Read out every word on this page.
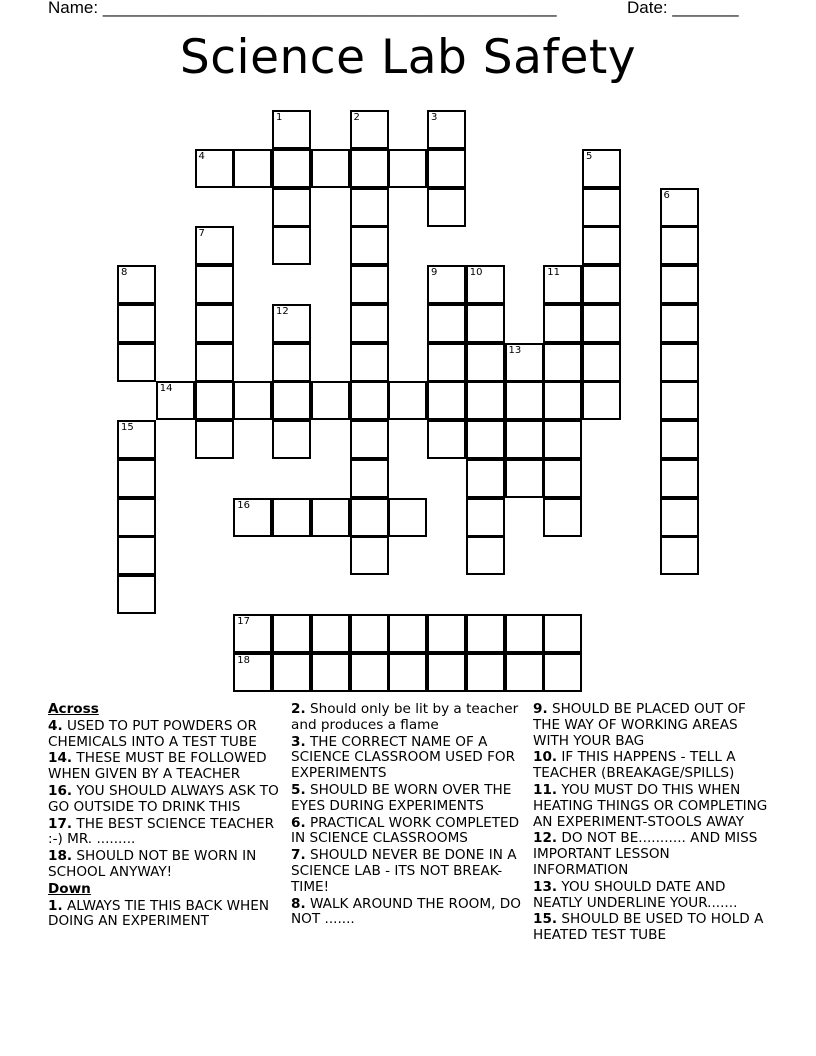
Name: ________________________________________________	Date: _______
Science Lab Safety
1	2	3
4	5
6
7
8	9	10	11
12
13
14
15
16
17
18

Across

4. USED TO PUT POWDERS OR CHEMICALS INTO A TEST TUBE

14. THESE MUST BE FOLLOWED WHEN GIVEN BY A TEACHER

16. YOU SHOULD ALWAYS ASK TO GO OUTSIDE TO DRINK THIS

17. THE BEST SCIENCE TEACHER :-) MR. .........

18. SHOULD NOT BE WORN IN SCHOOL ANYWAY!

Down

1. ALWAYS TIE THIS BACK WHEN DOING AN EXPERIMENT

2. Should only be lit by a teacher and produces a flame

3. THE CORRECT NAME OF A SCIENCE CLASSROOM USED FOR EXPERIMENTS

5. SHOULD BE WORN OVER THE EYES DURING EXPERIMENTS

6. PRACTICAL WORK COMPLETED IN SCIENCE CLASSROOMS

7. SHOULD NEVER BE DONE IN A SCIENCE LAB - ITS NOT BREAK-TIME!

8. WALK AROUND THE ROOM, DO NOT .......

9. SHOULD BE PLACED OUT OF THE WAY OF WORKING AREAS WITH YOUR BAG

10. IF THIS HAPPENS - TELL A TEACHER (BREAKAGE/SPILLS)

11. YOU MUST DO THIS WHEN HEATING THINGS OR COMPLETING AN EXPERIMENT-STOOLS AWAY

12. DO NOT BE........... AND MISS IMPORTANT LESSON INFORMATION

13. YOU SHOULD DATE AND NEATLY UNDERLINE YOUR.......

15. SHOULD BE USED TO HOLD A HEATED TEST TUBE
